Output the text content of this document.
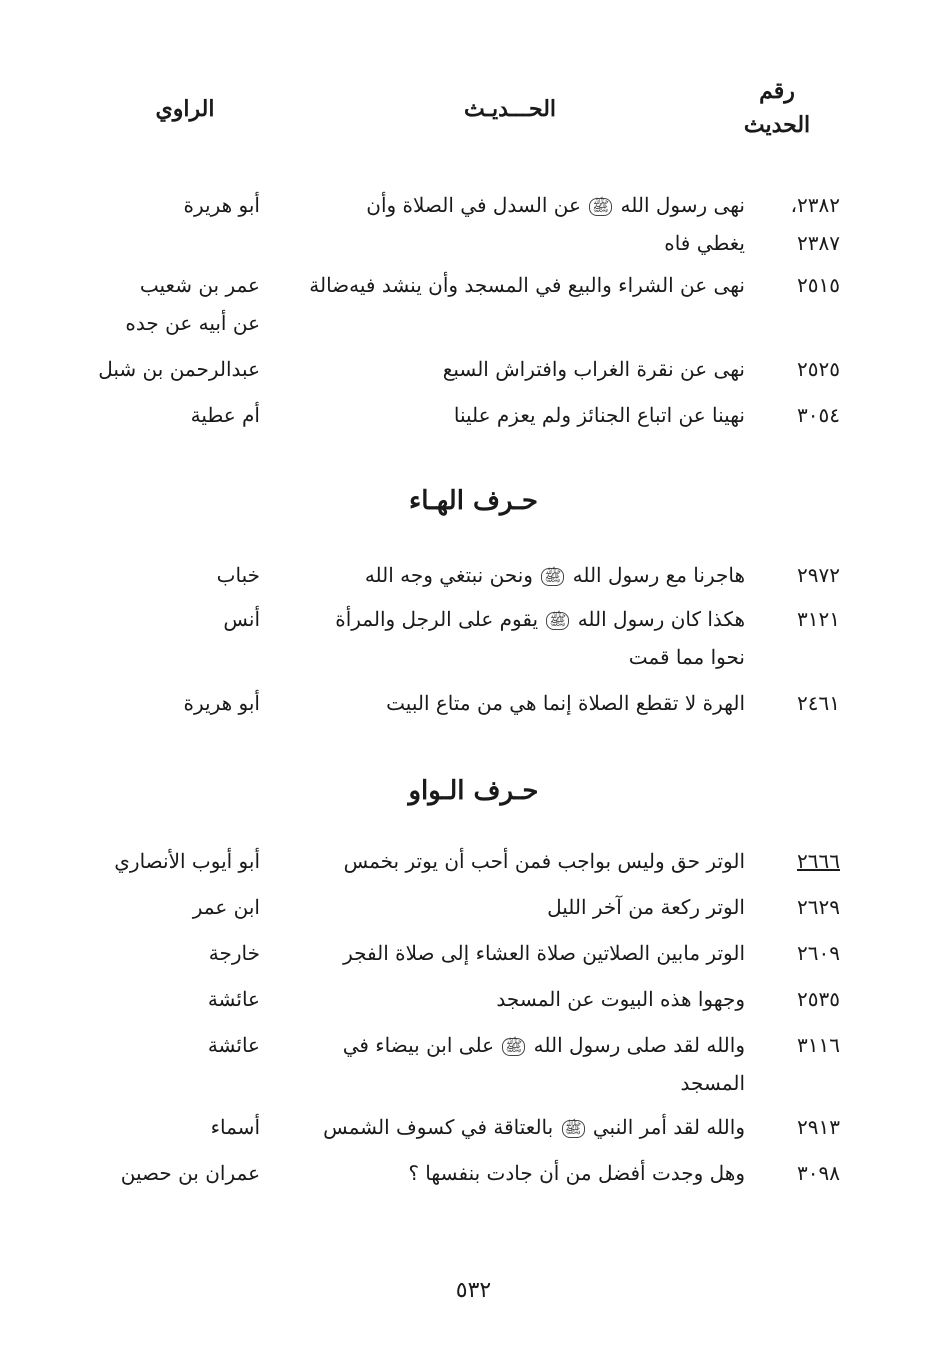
رقم
الحديث
الحـــديـث
الراوي
٢٣٨٢،
٢٣٨٧
نهى رسول الله ﷺ عن السدل في الصلاة وأن
يغطي فاه
أبو هريرة
٢٥١٥
نهى عن الشراء والبيع في المسجد وأن ينشد فيه‌ضالة
عمر بن شعيب
عن أبيه عن جده
٢٥٢٥
نهى عن نقرة الغراب وافتراش السبع
عبدالرحمن بن شبل
٣٠٥٤
نهينا عن اتباع الجنائز ولم يعزم علينا
أم عطية
حـرف الهـاء
٢٩٧٢
هاجرنا مع رسول الله ﷺ ونحن نبتغي وجه الله
خباب
٣١٢١
هكذا كان رسول الله ﷺ يقوم على الرجل والمرأة
نحوا مما قمت
أنس
٢٤٦١
الهرة لا تقطع الصلاة إنما هي من متاع البيت
أبو هريرة
حـرف الـواو
٢٦٦٦
الوتر حق وليس بواجب فمن أحب أن يوتر بخمس
أبو أيوب الأنصاري
٢٦٢٩
الوتر ركعة من آخر الليل
ابن عمر
٢٦٠٩
الوتر مابين الصلاتين صلاة العشاء إلى صلاة الفجر
خارجة
٢٥٣٥
وجهوا هذه البيوت عن المسجد
عائشة
٣١١٦
والله لقد صلى رسول الله ﷺ على ابن بيضاء في
المسجد
عائشة
٢٩١٣
والله لقد أمر النبي ﷺ بالعتاقة في كسوف الشمس
أسماء
٣٠٩٨
وهل وجدت أفضل من أن جادت بنفسها ؟
عمران بن حصين
٥٣٢
